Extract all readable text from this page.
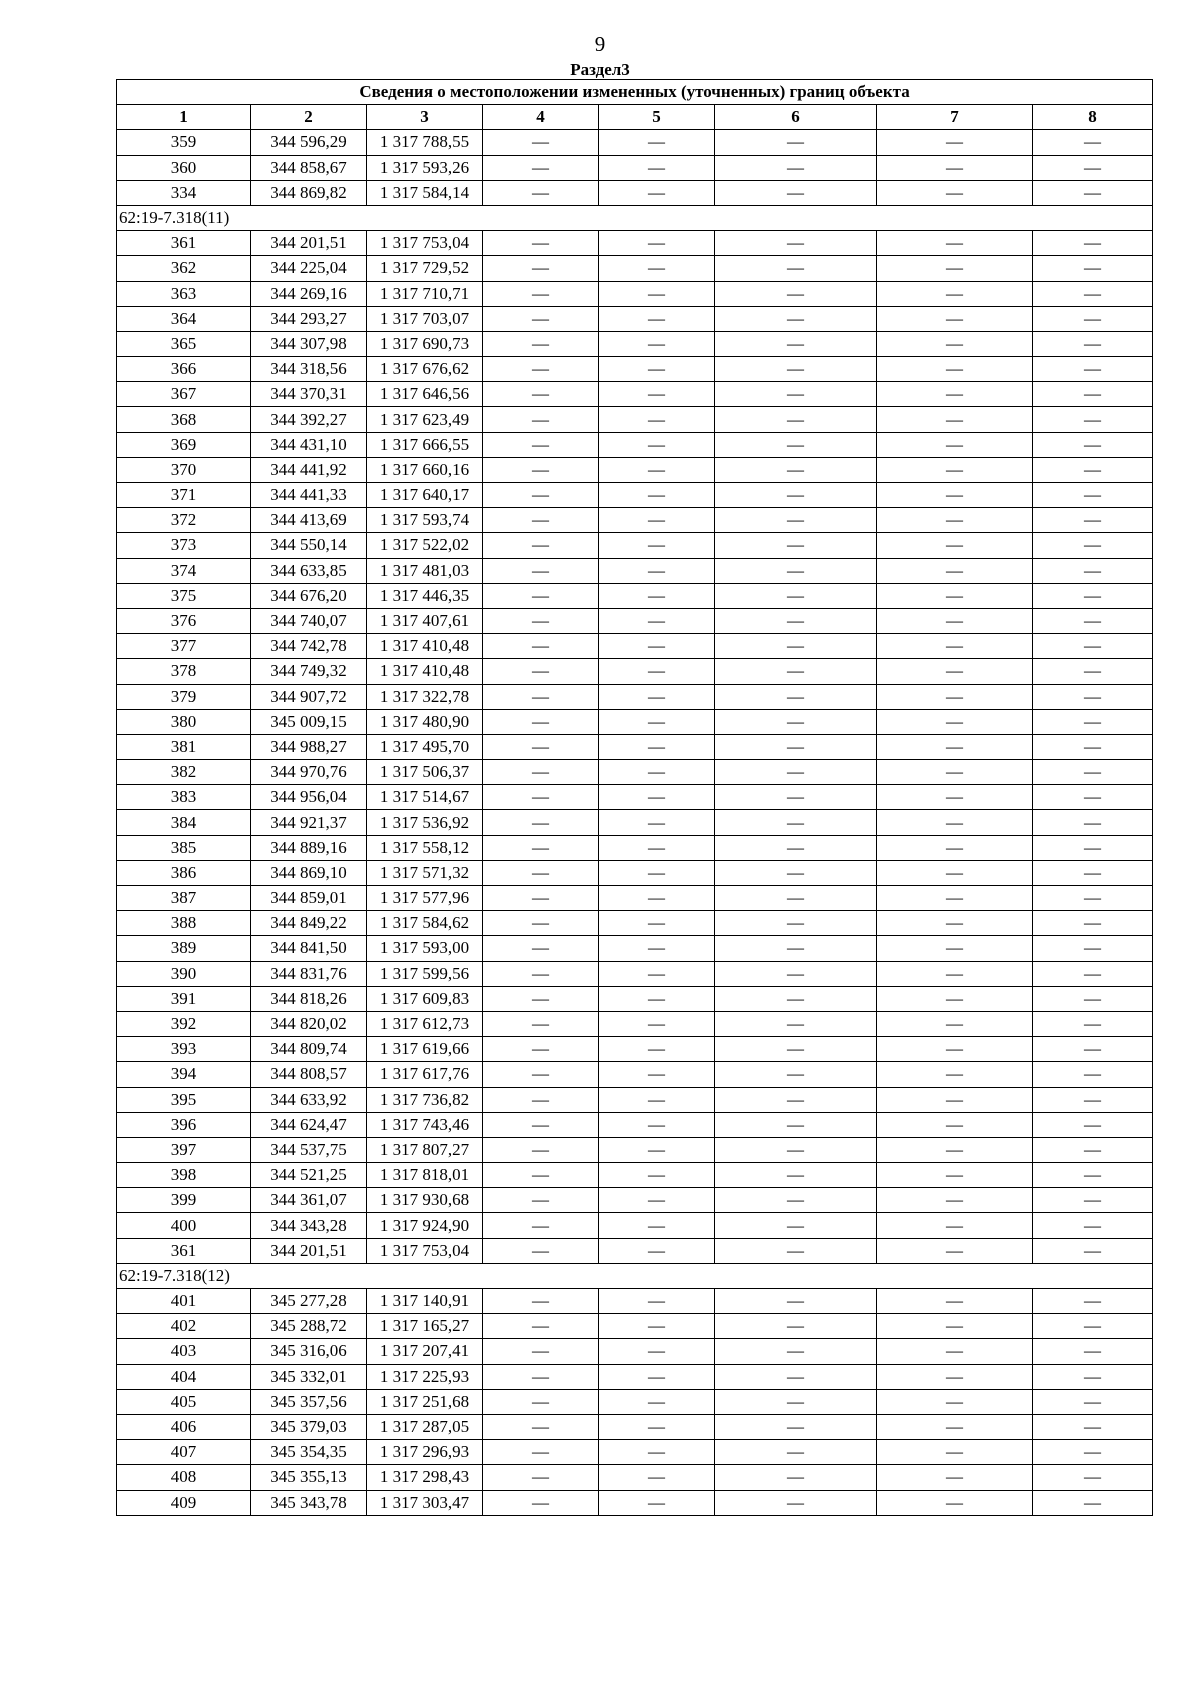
9
Раздел3
Сведения о местоположении измененных (уточненных) границ объекта							
1	2	3	4	5	6	7	8
359	344 596,29	1 317 788,55	—	—	—	—	—
360	344 858,67	1 317 593,26	—	—	—	—	—
334	344 869,82	1 317 584,14	—	—	—	—	—
62:19-7.318(11)							
361	344 201,51	1 317 753,04	—	—	—	—	—
362	344 225,04	1 317 729,52	—	—	—	—	—
363	344 269,16	1 317 710,71	—	—	—	—	—
364	344 293,27	1 317 703,07	—	—	—	—	—
365	344 307,98	1 317 690,73	—	—	—	—	—
366	344 318,56	1 317 676,62	—	—	—	—	—
367	344 370,31	1 317 646,56	—	—	—	—	—
368	344 392,27	1 317 623,49	—	—	—	—	—
369	344 431,10	1 317 666,55	—	—	—	—	—
370	344 441,92	1 317 660,16	—	—	—	—	—
371	344 441,33	1 317 640,17	—	—	—	—	—
372	344 413,69	1 317 593,74	—	—	—	—	—
373	344 550,14	1 317 522,02	—	—	—	—	—
374	344 633,85	1 317 481,03	—	—	—	—	—
375	344 676,20	1 317 446,35	—	—	—	—	—
376	344 740,07	1 317 407,61	—	—	—	—	—
377	344 742,78	1 317 410,48	—	—	—	—	—
378	344 749,32	1 317 410,48	—	—	—	—	—
379	344 907,72	1 317 322,78	—	—	—	—	—
380	345 009,15	1 317 480,90	—	—	—	—	—
381	344 988,27	1 317 495,70	—	—	—	—	—
382	344 970,76	1 317 506,37	—	—	—	—	—
383	344 956,04	1 317 514,67	—	—	—	—	—
384	344 921,37	1 317 536,92	—	—	—	—	—
385	344 889,16	1 317 558,12	—	—	—	—	—
386	344 869,10	1 317 571,32	—	—	—	—	—
387	344 859,01	1 317 577,96	—	—	—	—	—
388	344 849,22	1 317 584,62	—	—	—	—	—
389	344 841,50	1 317 593,00	—	—	—	—	—
390	344 831,76	1 317 599,56	—	—	—	—	—
391	344 818,26	1 317 609,83	—	—	—	—	—
392	344 820,02	1 317 612,73	—	—	—	—	—
393	344 809,74	1 317 619,66	—	—	—	—	—
394	344 808,57	1 317 617,76	—	—	—	—	—
395	344 633,92	1 317 736,82	—	—	—	—	—
396	344 624,47	1 317 743,46	—	—	—	—	—
397	344 537,75	1 317 807,27	—	—	—	—	—
398	344 521,25	1 317 818,01	—	—	—	—	—
399	344 361,07	1 317 930,68	—	—	—	—	—
400	344 343,28	1 317 924,90	—	—	—	—	—
361	344 201,51	1 317 753,04	—	—	—	—	—
62:19-7.318(12)							
401	345 277,28	1 317 140,91	—	—	—	—	—
402	345 288,72	1 317 165,27	—	—	—	—	—
403	345 316,06	1 317 207,41	—	—	—	—	—
404	345 332,01	1 317 225,93	—	—	—	—	—
405	345 357,56	1 317 251,68	—	—	—	—	—
406	345 379,03	1 317 287,05	—	—	—	—	—
407	345 354,35	1 317 296,93	—	—	—	—	—
408	345 355,13	1 317 298,43	—	—	—	—	—
409	345 343,78	1 317 303,47	—	—	—	—	—
